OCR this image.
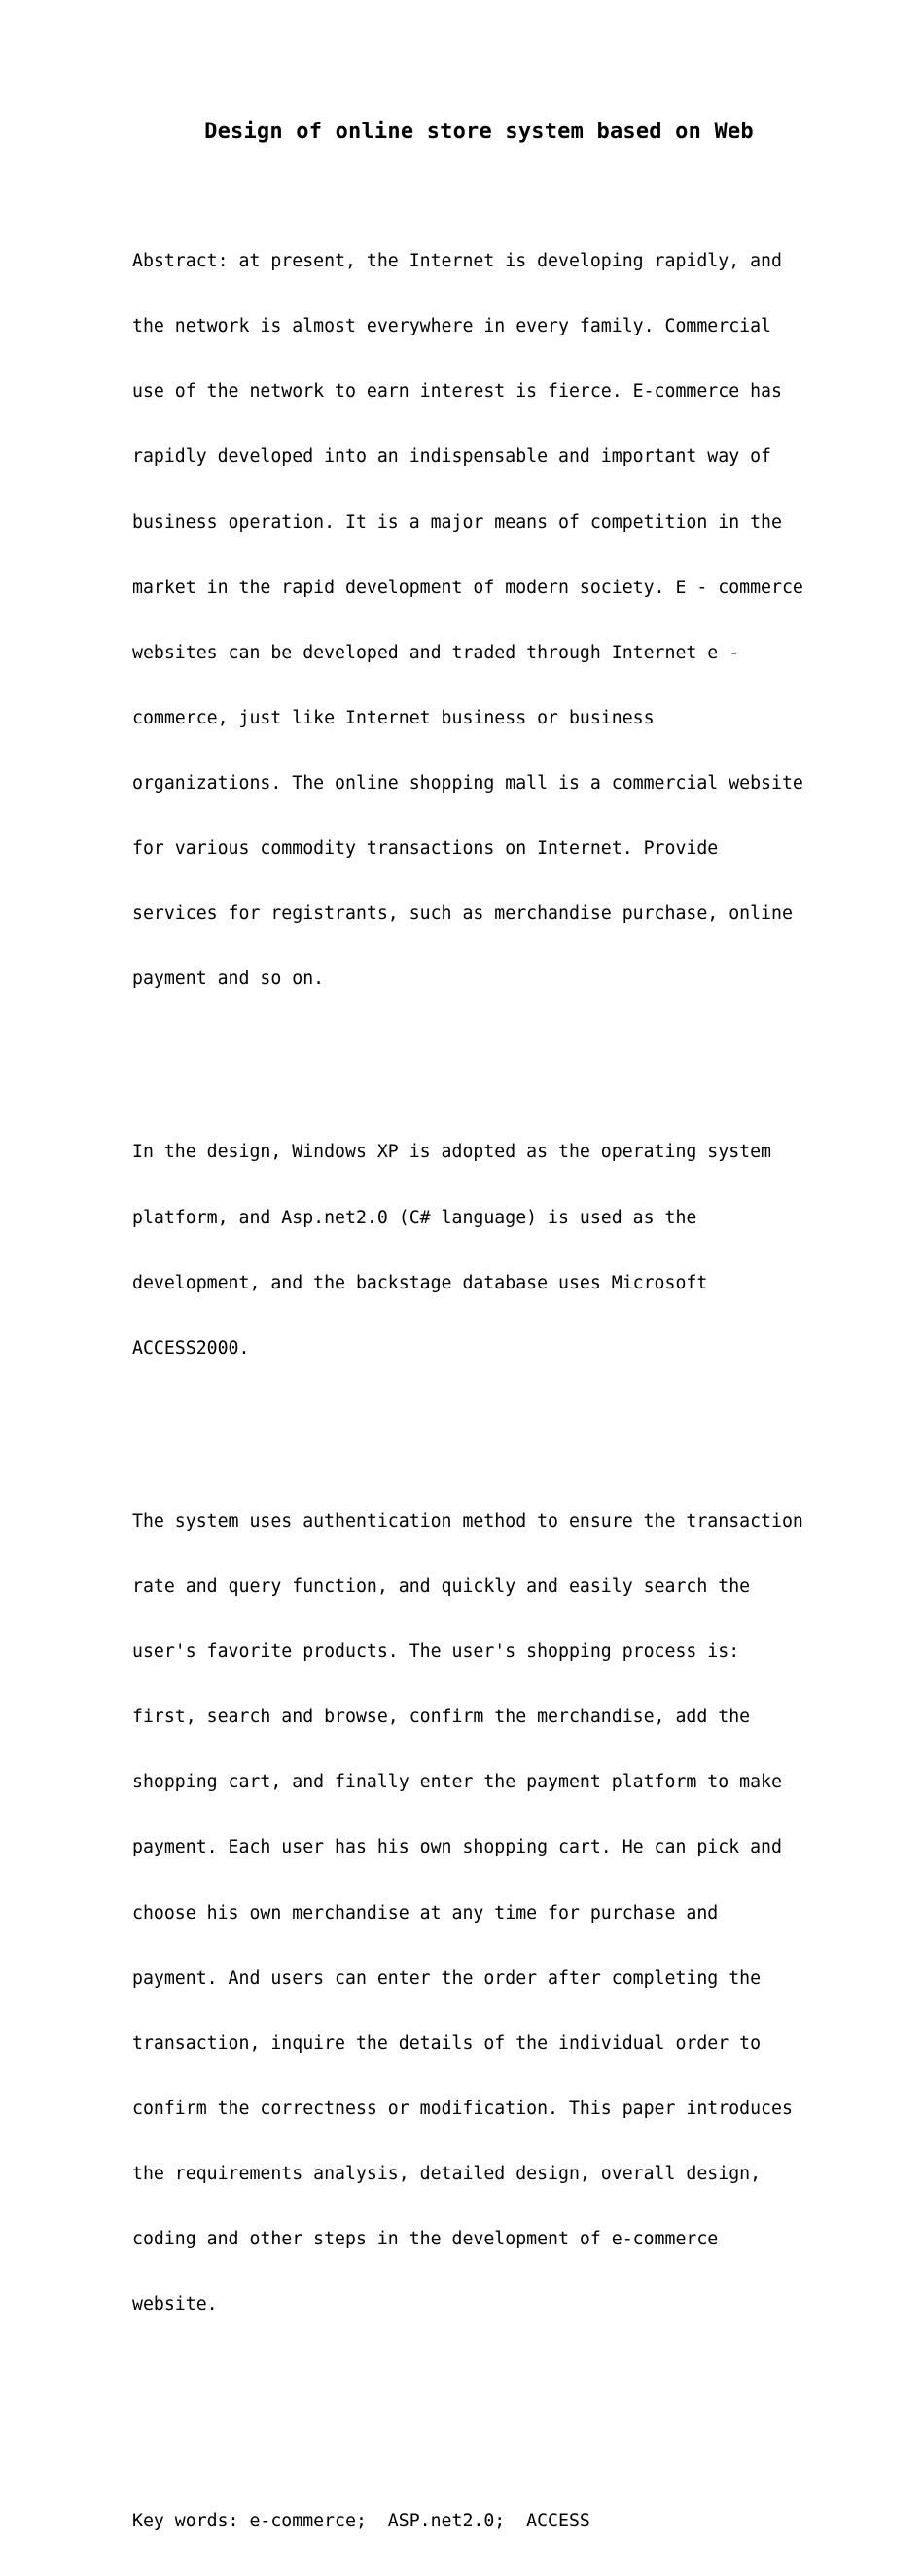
Design of online store system based on Web

Abstract: at present, the Internet is developing rapidly, and

the network is almost everywhere in every family. Commercial

use of the network to earn interest is fierce. E-commerce has

rapidly developed into an indispensable and important way of

business operation. It is a major means of competition in the

market in the rapid development of modern society. E - commerce

websites can be developed and traded through Internet e -

commerce, just like Internet business or business

organizations. The online shopping mall is a commercial website

for various commodity transactions on Internet. Provide

services for registrants, such as merchandise purchase, online

payment and so on.

In the design, Windows XP is adopted as the operating system

platform, and Asp.net2.0 (C# language) is used as the

development, and the backstage database uses Microsoft

ACCESS2000.

The system uses authentication method to ensure the transaction

rate and query function, and quickly and easily search the

user's favorite products. The user's shopping process is:

first, search and browse, confirm the merchandise, add the

shopping cart, and finally enter the payment platform to make

payment. Each user has his own shopping cart. He can pick and

choose his own merchandise at any time for purchase and

payment. And users can enter the order after completing the

transaction, inquire the details of the individual order to

confirm the correctness or modification. This paper introduces

the requirements analysis, detailed design, overall design,

coding and other steps in the development of e-commerce

website.

Key words: e-commerce;  ASP.net2.0;  ACCESS
